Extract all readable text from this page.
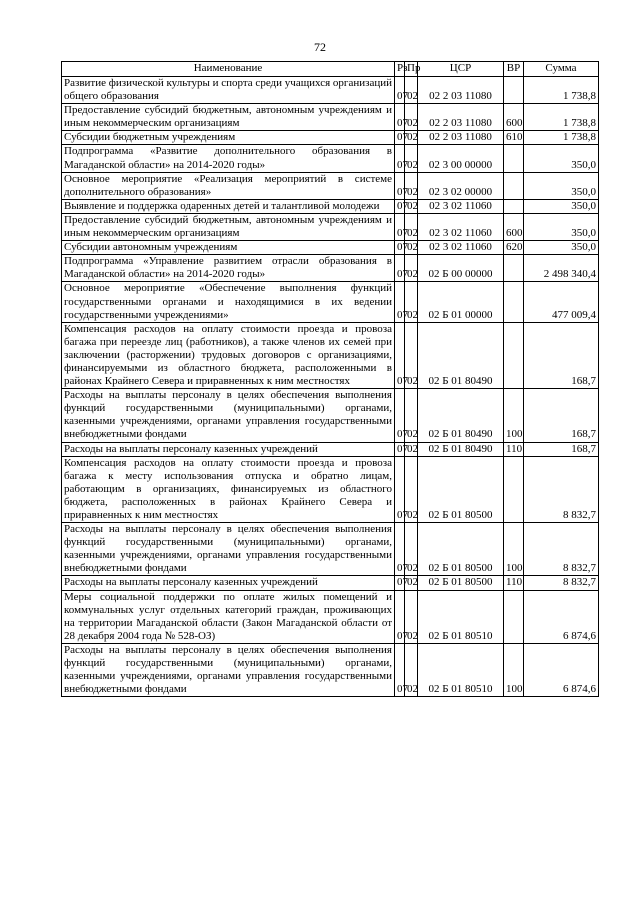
72
Наименование	Рз	Пр	ЦСР	ВР	Сумма
Развитие физической культуры и спорта среди учащихся организаций общего образования	07	02	02 2 03 11080		1 738,8
Предоставление субсидий бюджетным, автономным учреждениям и иным некоммерческим организациям	07	02	02 2 03 11080	600	1 738,8
Субсидии бюджетным учреждениям	07	02	02 2 03 11080	610	1 738,8
Подпрограмма «Развитие дополнительного образования в Магаданской области» на 2014-2020 годы»	07	02	02 3 00 00000		350,0
Основное мероприятие «Реализация мероприятий в системе дополнительного образования»	07	02	02 3 02 00000		350,0
Выявление и поддержка одаренных детей и талантливой молодежи	07	02	02 3 02 11060		350,0
Предоставление субсидий бюджетным, автономным учреждениям и иным некоммерческим организациям	07	02	02 3 02 11060	600	350,0
Субсидии автономным учреждениям	07	02	02 3 02 11060	620	350,0
Подпрограмма «Управление развитием отрасли образования в Магаданской области» на 2014-2020 годы»	07	02	02 Б 00 00000		2 498 340,4
Основное мероприятие «Обеспечение выполнения функций государственными органами и находящимися в их ведении государственными учреждениями»	07	02	02 Б 01 00000		477 009,4
Компенсация расходов на оплату стоимости проезда и провоза багажа при переезде лиц (работников), а также членов их семей при заключении (расторжении) трудовых договоров с организациями, финансируемыми из областного бюджета, расположенными в районах Крайнего Севера и приравненных к ним местностях	07	02	02 Б 01 80490		168,7
Расходы на выплаты персоналу в целях обеспечения выполнения функций государственными (муниципальными) органами, казенными учреждениями, органами управления государственными внебюджетными фондами	07	02	02 Б 01 80490	100	168,7
Расходы на выплаты персоналу казенных учреждений	07	02	02 Б 01 80490	110	168,7
Компенсация расходов на оплату стоимости проезда и провоза багажа к месту использования отпуска и обратно лицам, работающим в организациях, финансируемых из областного бюджета, расположенных в районах Крайнего Севера и приравненных к ним местностях	07	02	02 Б 01 80500		8 832,7
Расходы на выплаты персоналу в целях обеспечения выполнения функций государственными (муниципальными) органами, казенными учреждениями, органами управления государственными внебюджетными фондами	07	02	02 Б 01 80500	100	8 832,7
Расходы на выплаты персоналу казенных учреждений	07	02	02 Б 01 80500	110	8 832,7
Меры социальной поддержки по оплате жилых помещений и коммунальных услуг отдельных категорий граждан, проживающих на территории Магаданской области (Закон Магаданской области от 28 декабря 2004 года № 528-ОЗ)	07	02	02 Б 01 80510		6 874,6
Расходы на выплаты персоналу в целях обеспечения выполнения функций государственными (муниципальными) органами, казенными учреждениями, органами управления государственными внебюджетными фондами	07	02	02 Б 01 80510	100	6 874,6
